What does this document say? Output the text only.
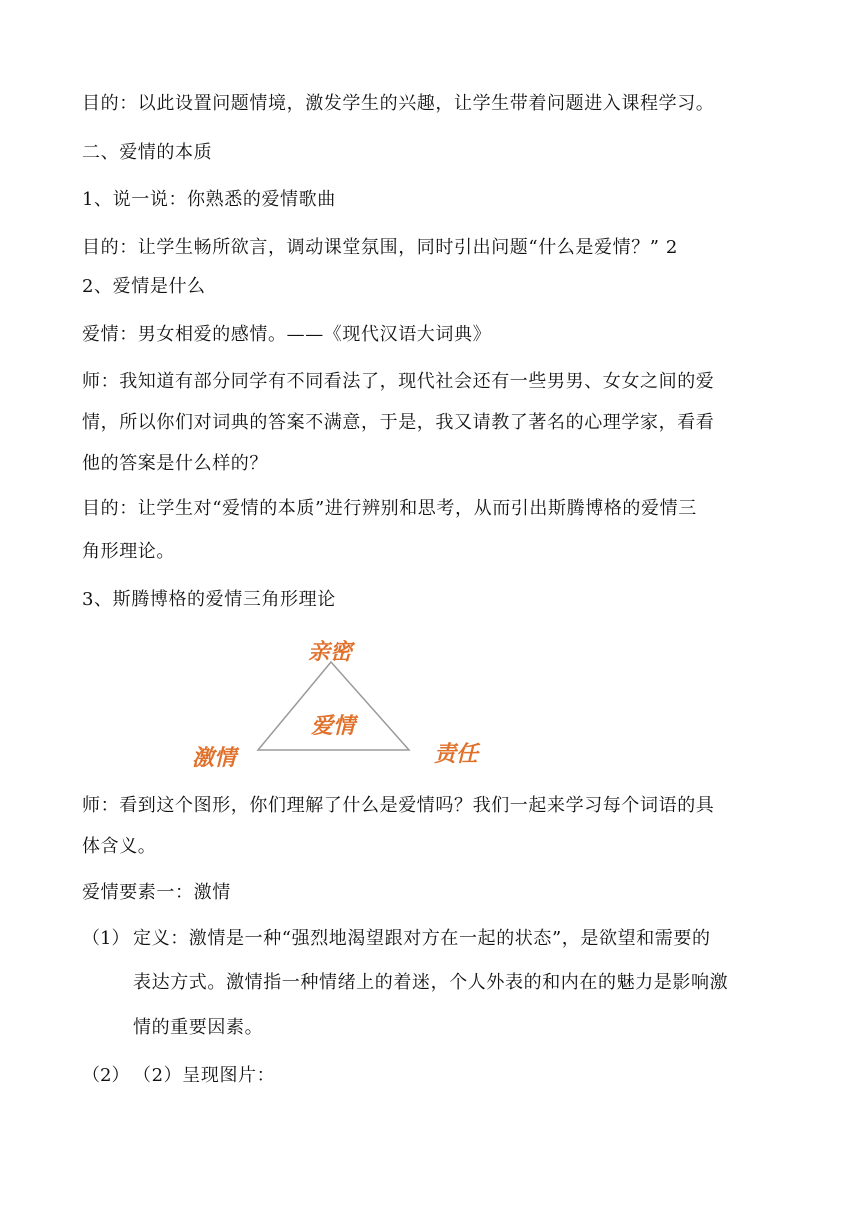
目的：以此设置问题情境，激发学生的兴趣，让学生带着问题进入课程学习。
二、爱情的本质
1、说一说：你熟悉的爱情歌曲
目的：让学生畅所欲言，调动课堂氛围，同时引出问题“什么是爱情？” 2
2、爱情是什么
爱情：男女相爱的感情。——《现代汉语大词典》
师：我知道有部分同学有不同看法了，现代社会还有一些男男、女女之间的爱
情，所以你们对词典的答案不满意，于是，我又请教了著名的心理学家，看看
他的答案是什么样的？
目的：让学生对“爱情的本质”进行辨别和思考，从而引出斯腾博格的爱情三
角形理论。
3、斯腾博格的爱情三角形理论
亲密
爱情
激情	责任
师：看到这个图形，你们理解了什么是爱情吗？我们一起来学习每个词语的具
体含义。
爱情要素一：激情
（1） 定义：激情是一种“强烈地渴望跟对方在一起的状态”，是欲望和需要的
表达方式。激情指一种情绪上的着迷，个人外表的和内在的魅力是影响激
情的重要因素。
（2） （2）呈现图片：
